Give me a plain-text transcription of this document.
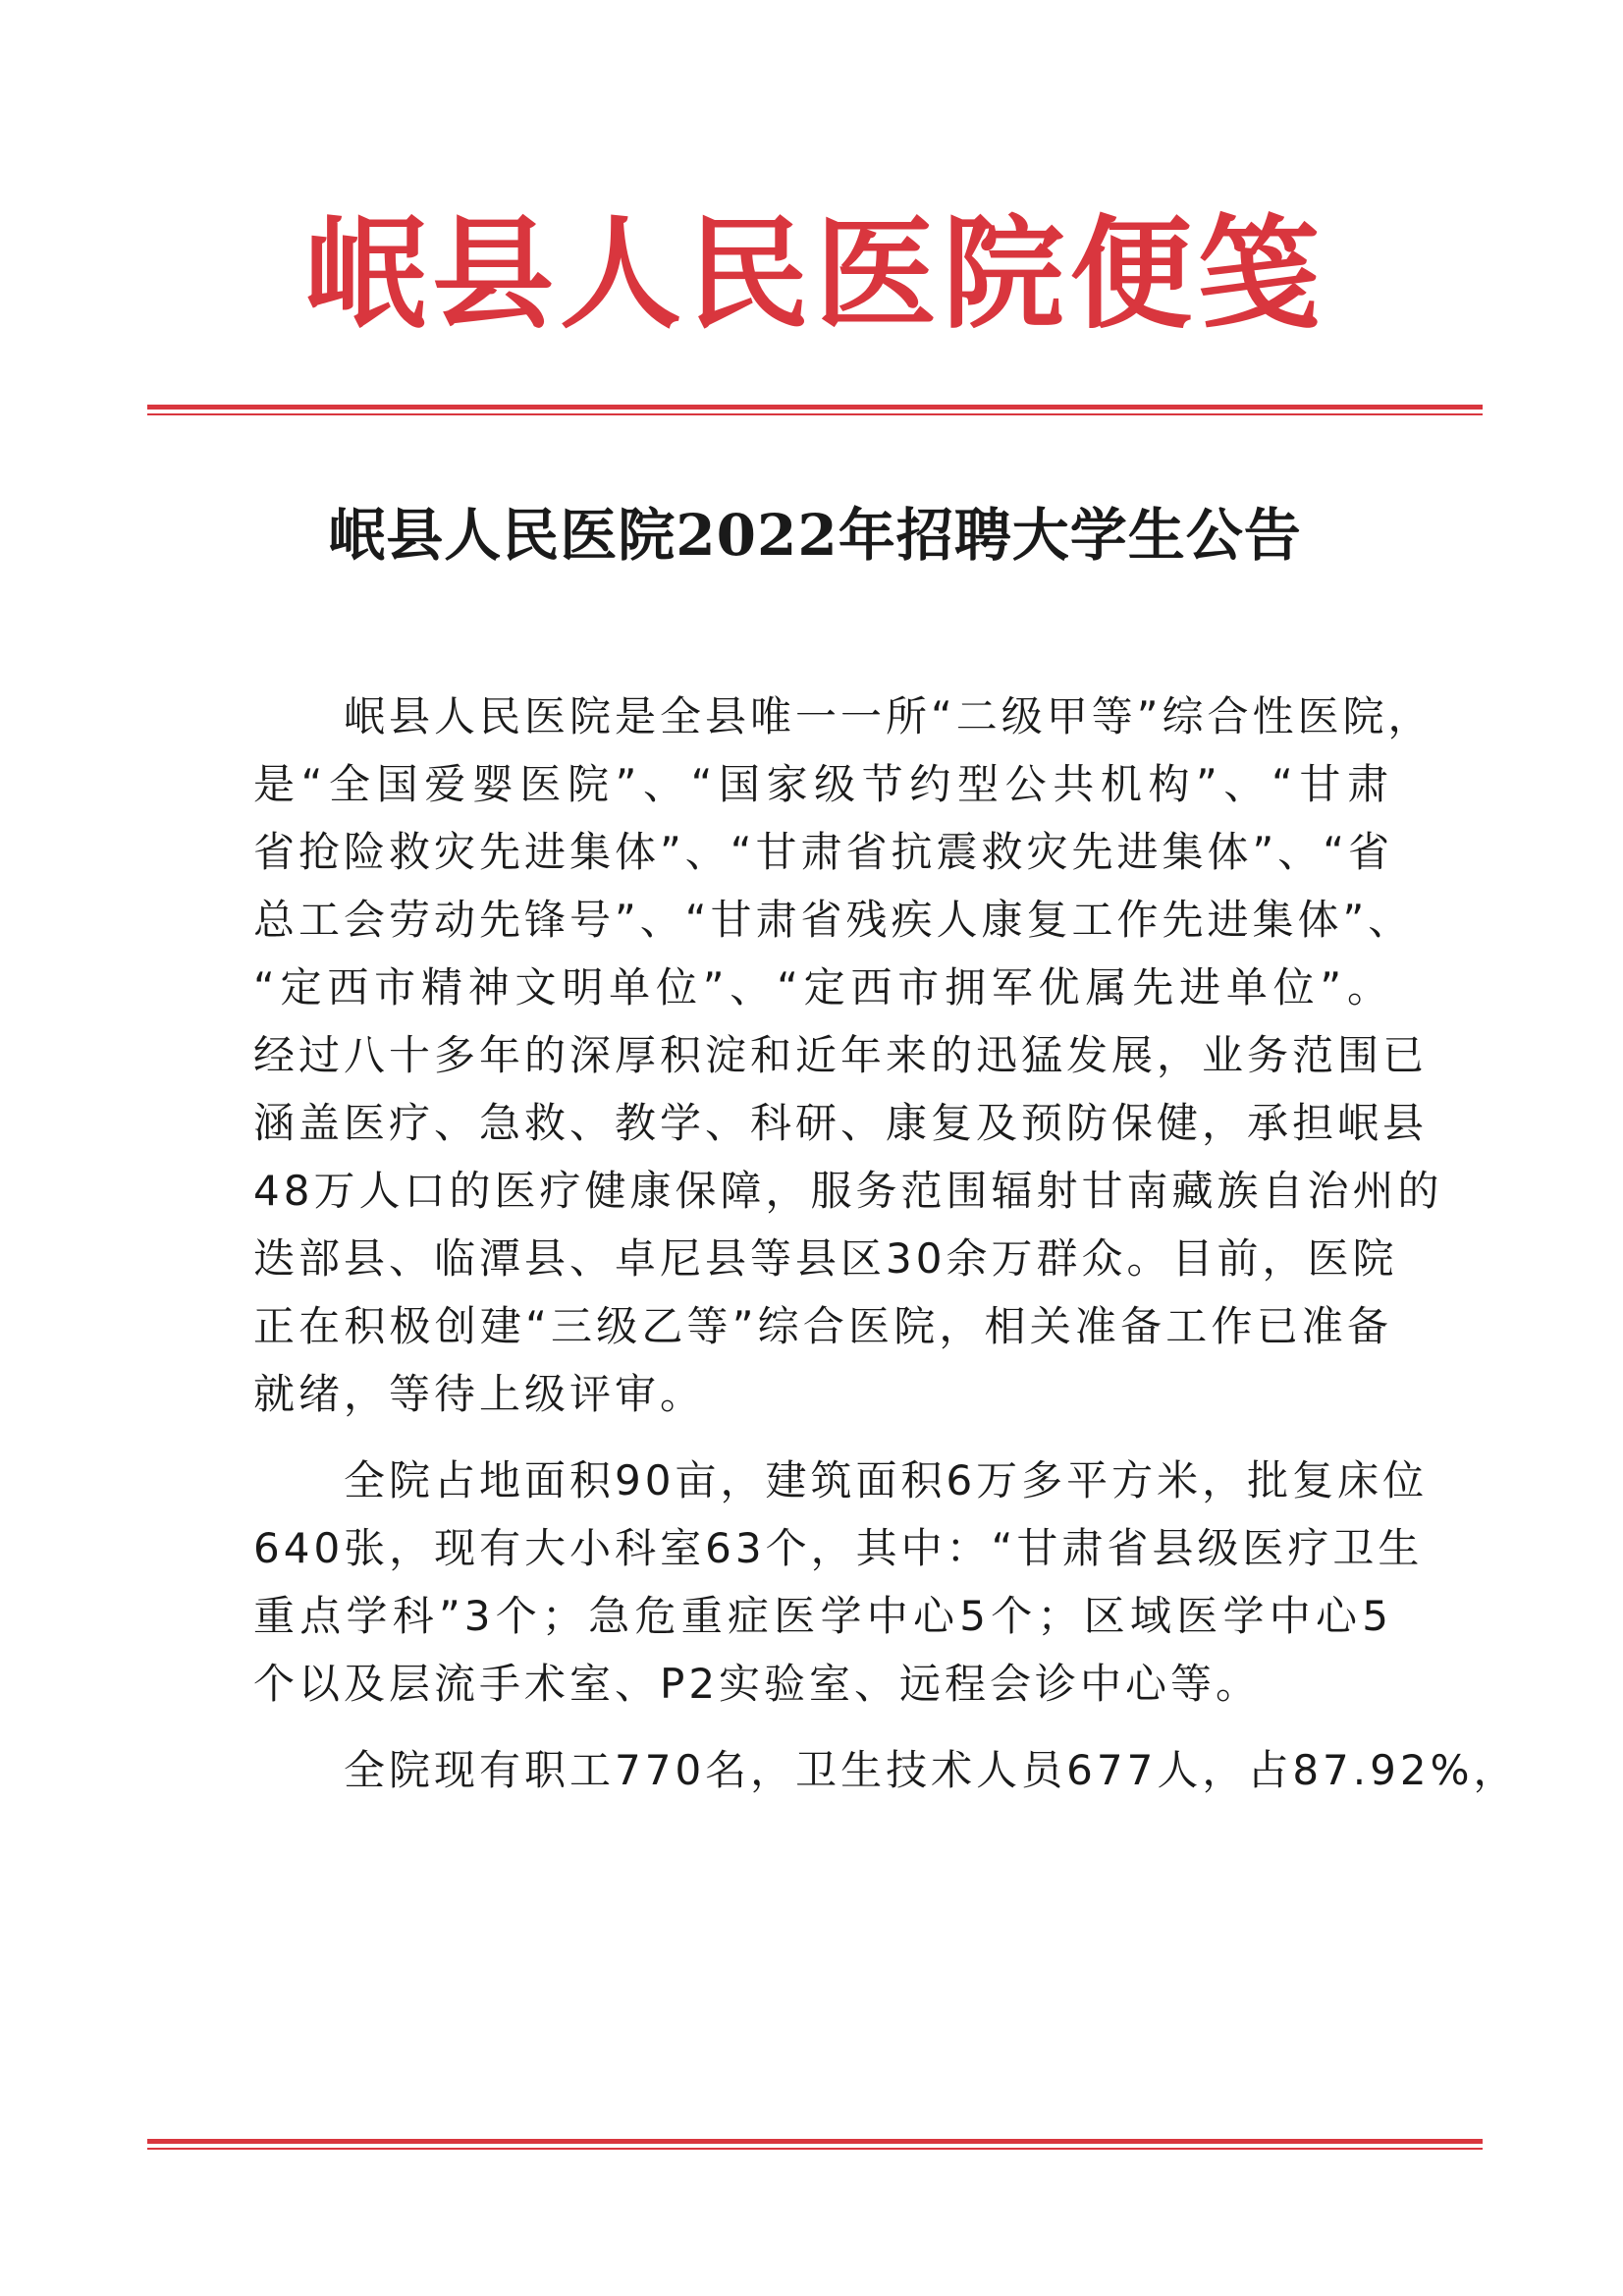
岷县人民医院便笺
岷县人民医院2022年招聘大学生公告
　　岷县人民医院是全县唯一一所“二级甲等”综合性医院，
是“全国爱婴医院”、“国家级节约型公共机构”、“甘肃
省抢险救灾先进集体”、“甘肃省抗震救灾先进集体”、“省
总工会劳动先锋号”、“甘肃省残疾人康复工作先进集体”、
“定西市精神文明单位”、“定西市拥军优属先进单位”。
经过八十多年的深厚积淀和近年来的迅猛发展，业务范围已
涵盖医疗、急救、教学、科研、康复及预防保健，承担岷县
48万人口的医疗健康保障，服务范围辐射甘南藏族自治州的
迭部县、临潭县、卓尼县等县区30余万群众。目前，医院
正在积极创建“三级乙等”综合医院，相关准备工作已准备
就绪，等待上级评审。
　　全院占地面积90亩，建筑面积6万多平方米，批复床位
640张，现有大小科室63个，其中：“甘肃省县级医疗卫生
重点学科”3个；急危重症医学中心5个；区域医学中心5
个以及层流手术室、P2实验室、远程会诊中心等。
　　全院现有职工770名，卫生技术人员677人，占87.92%，
